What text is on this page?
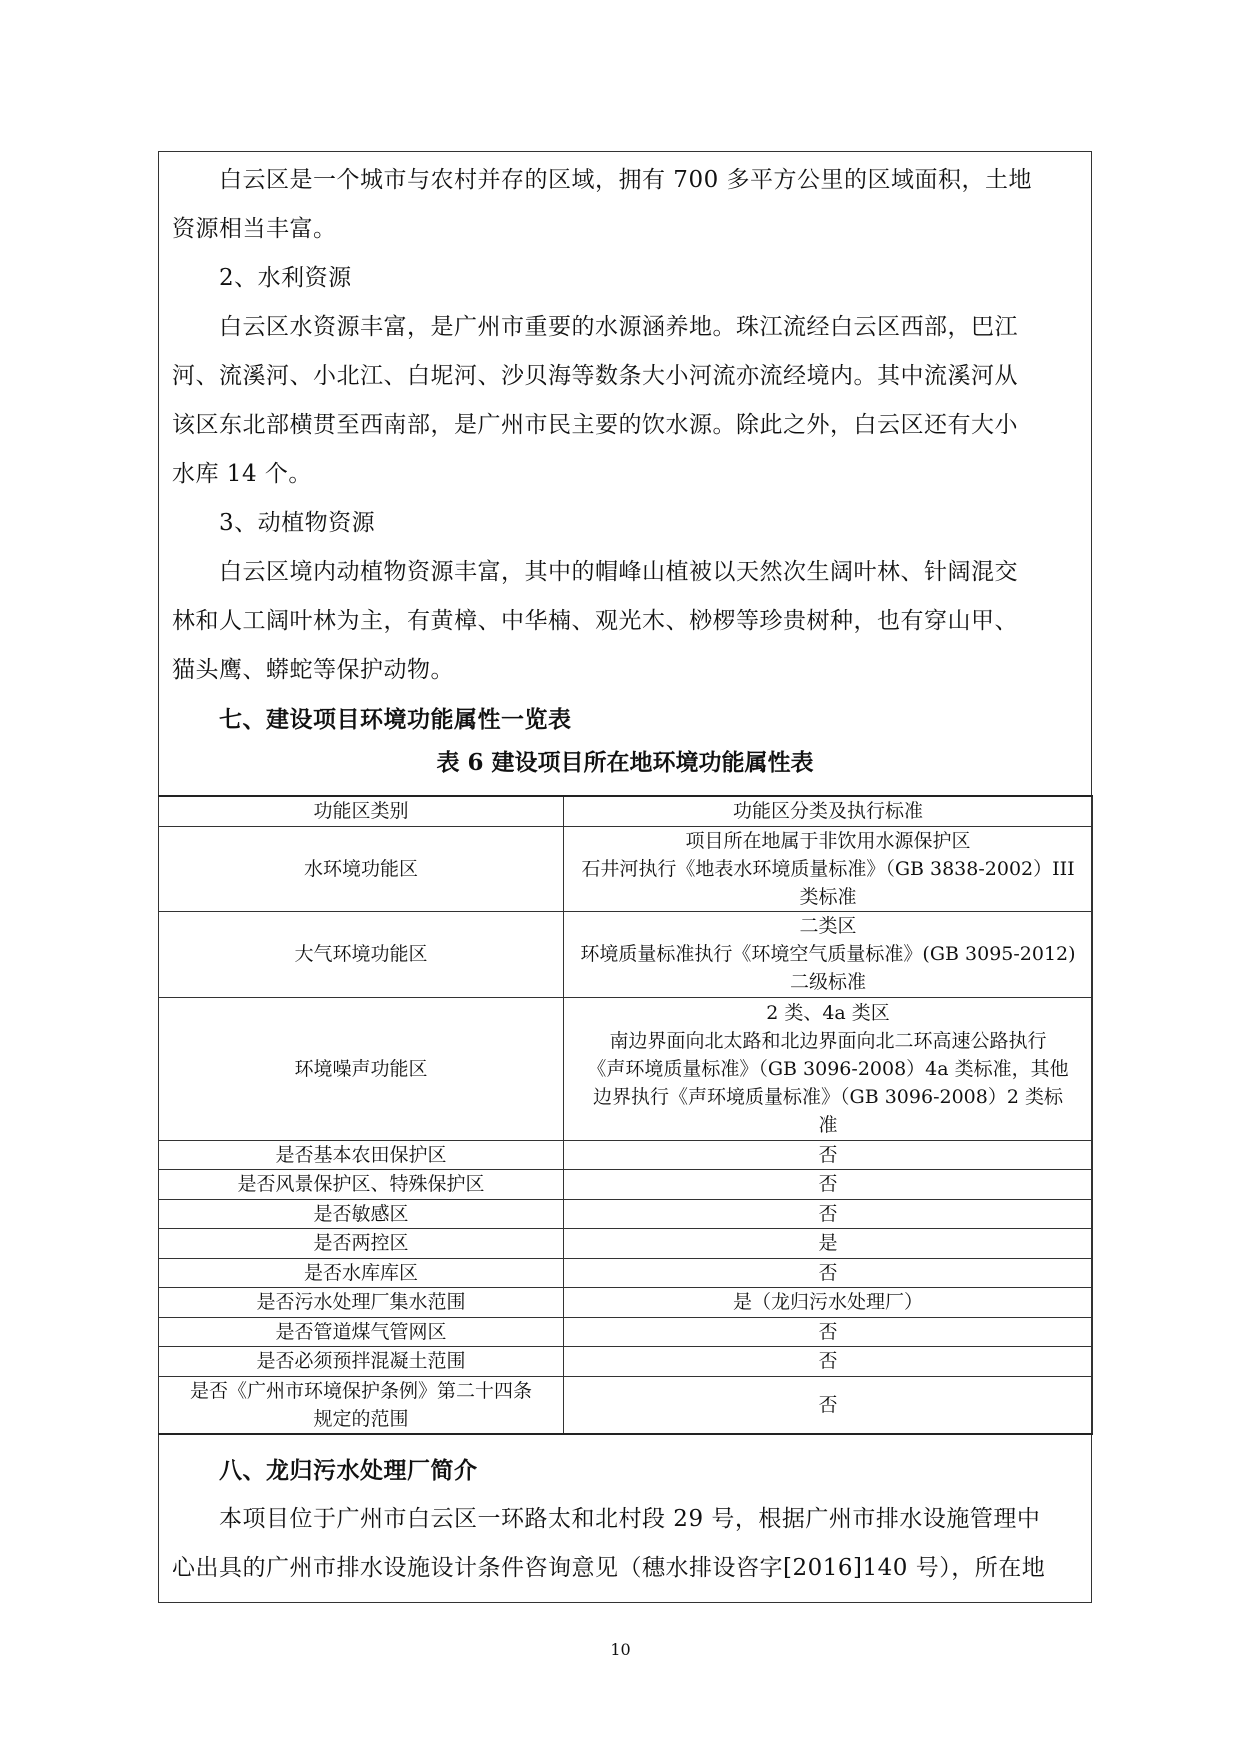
　　白云区是一个城市与农村并存的区域，拥有 700 多平方公里的区域面积，土地
资源相当丰富。
　　2、水利资源
　　白云区水资源丰富，是广州市重要的水源涵养地。珠江流经白云区西部，巴江
河、流溪河、小北江、白坭河、沙贝海等数条大小河流亦流经境内。其中流溪河从
该区东北部横贯至西南部，是广州市民主要的饮水源。除此之外，白云区还有大小
水库 14 个。
　　3、动植物资源
　　白云区境内动植物资源丰富，其中的帽峰山植被以天然次生阔叶林、针阔混交
林和人工阔叶林为主，有黄樟、中华楠、观光木、桫椤等珍贵树种，也有穿山甲、
猫头鹰、蟒蛇等保护动物。
　　七、建设项目环境功能属性一览表
表 6 建设项目所在地环境功能属性表
功能区类别	功能区分类及执行标准
水环境功能区	项目所在地属于非饮用水源保护区
石井河执行《地表水环境质量标准》（GB 3838-2002）III
类标准

大气环境功能区	二类区
环境质量标准执行《环境空气质量标准》(GB 3095-2012)
二级标准

环境噪声功能区	2 类、4a 类区
南边界面向北太路和北边界面向北二环高速公路执行
《声环境质量标准》（GB 3096-2008）4a 类标准，其他
边界执行《声环境质量标准》（GB 3096-2008）2 类标
准

是否基本农田保护区	否
是否风景保护区、特殊保护区	否
是否敏感区	否
是否两控区	是
是否水库库区	否
是否污水处理厂集水范围	是（龙归污水处理厂）
是否管道煤气管网区	否
是否必须预拌混凝土范围	否

是否《广州市环境保护条例》第二十四条
规定的范围	否
　　八、龙归污水处理厂简介
　　本项目位于广州市白云区一环路太和北村段 29 号，根据广州市排水设施管理中
心出具的广州市排水设施设计条件咨询意见（穗水排设咨字[2016]140 号），所在地
10
